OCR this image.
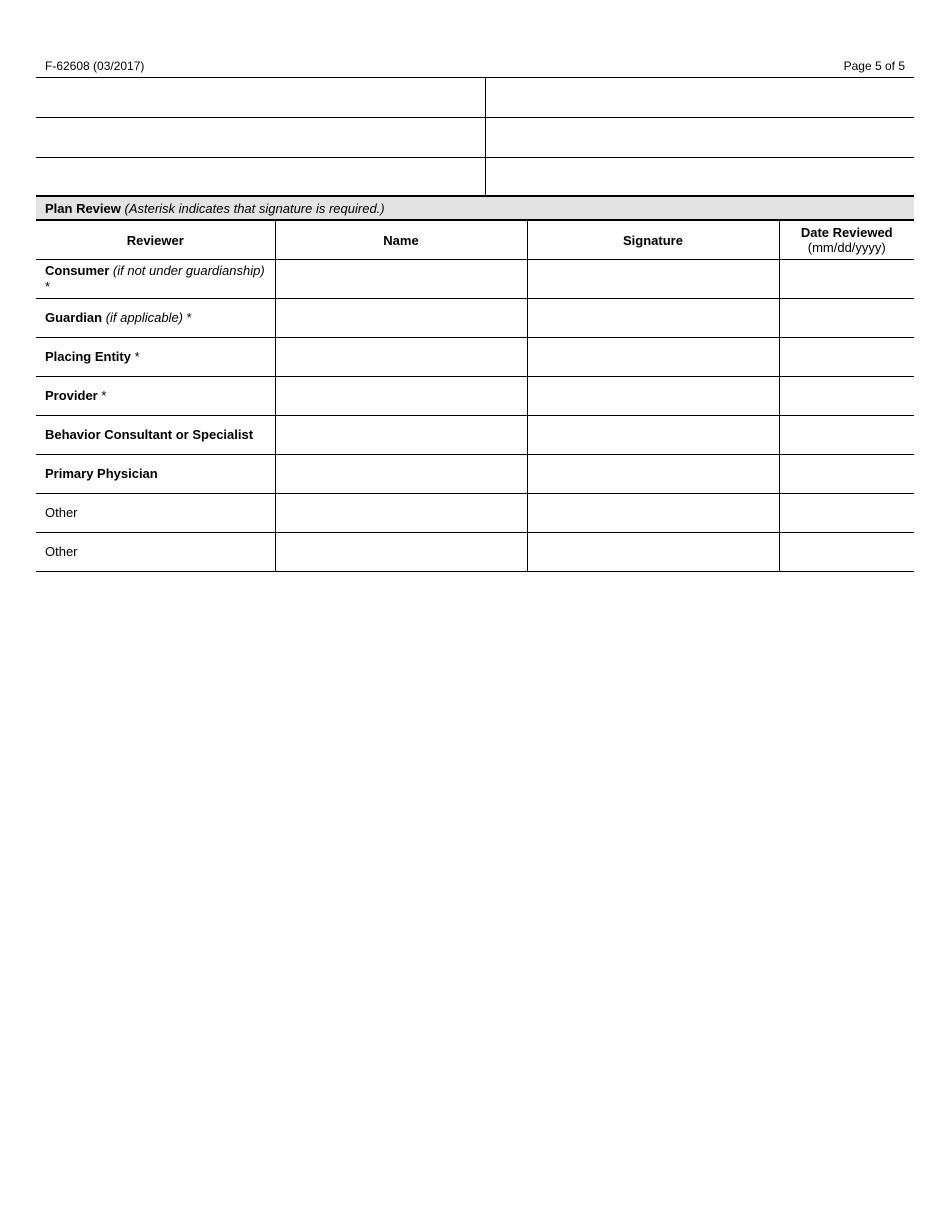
F-62608 (03/2017)	Page 5 of 5

Plan Review (Asterisk indicates that signature is required.)			
Reviewer	Name	Signature	Date Reviewed
(mm/dd/yyyy)

Consumer (if not under guardianship) *			
Guardian (if applicable) *			
Placing Entity *			
Provider *			
Behavior Consultant or Specialist			
Primary Physician			
Other			
Other			
